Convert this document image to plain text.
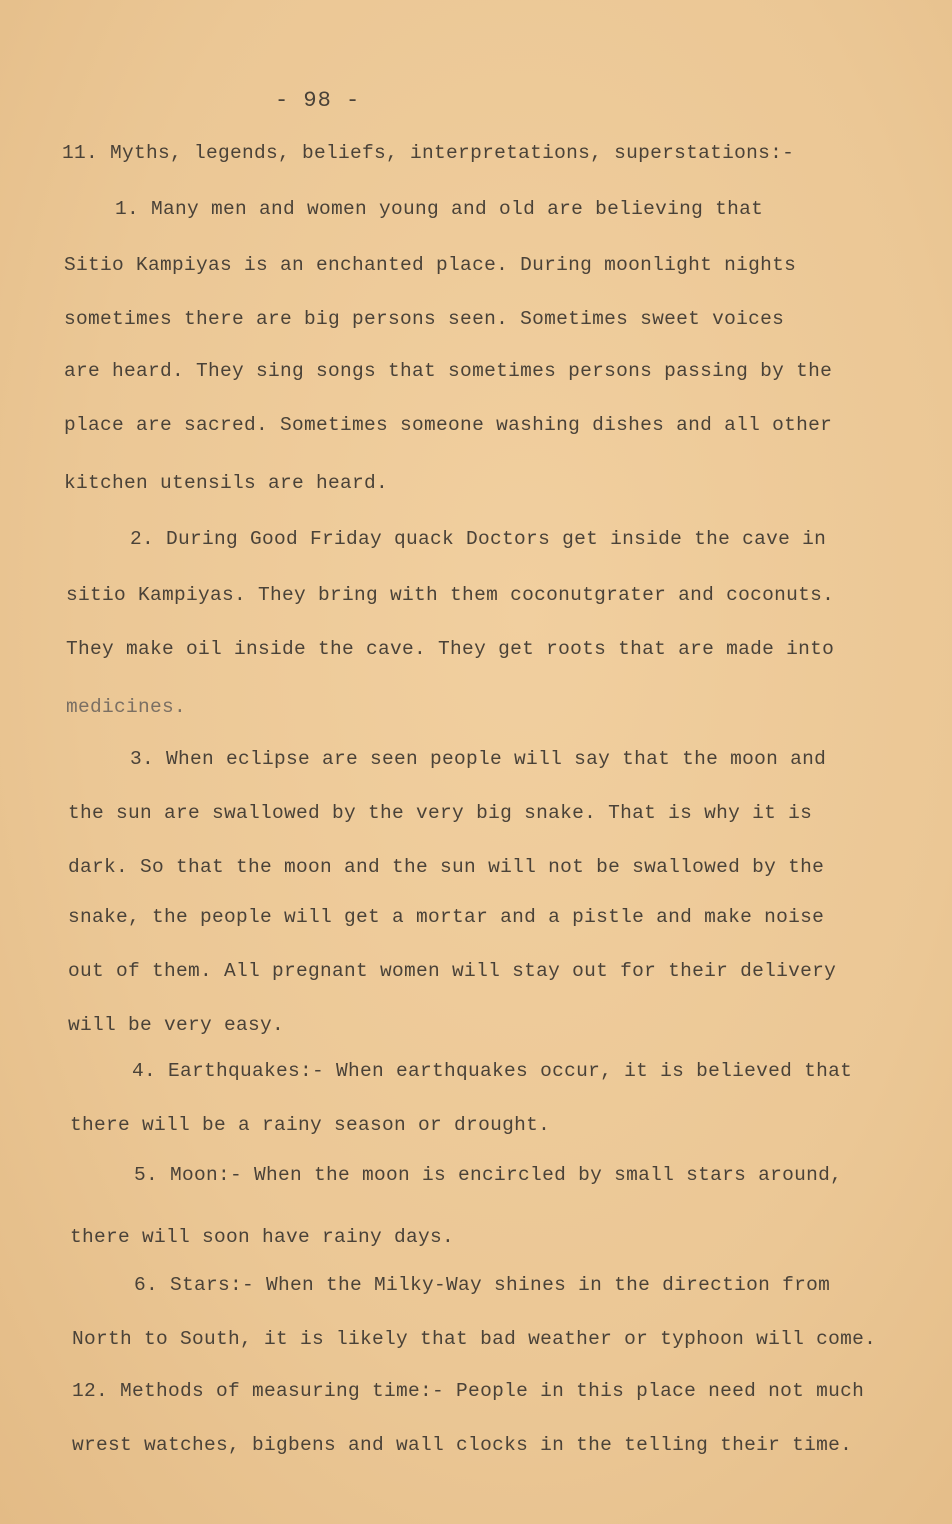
- 98 -
11. Myths, legends, beliefs, interpretations, superstations:-
1. Many men and women young and old are believing that
Sitio Kampiyas is an enchanted place. During moonlight nights
sometimes there are big persons seen. Sometimes sweet voices
are heard. They sing songs that sometimes persons passing by the
place are sacred. Sometimes someone washing dishes and all other
kitchen utensils are heard.
2. During Good Friday quack Doctors get inside the cave in
sitio Kampiyas. They bring with them coconutgrater and coconuts.
They make oil inside the cave. They get roots that are made into
medicines.
3. When eclipse are seen people will say that the moon and
the sun are swallowed by the very big snake. That is why it is
dark. So that the moon and the sun will not be swallowed by the
snake, the people will get a mortar and a pistle and make noise
out of them. All pregnant women will stay out for their delivery
will be very easy.
4. Earthquakes:- When earthquakes occur, it is believed that
there will be a rainy season or drought.
5. Moon:- When the moon is encircled by small stars around,
there will soon have rainy days.
6. Stars:- When the Milky-Way shines in the direction from
North to South, it is likely that bad weather or typhoon will come.
12. Methods of measuring time:- People in this place need not much
wrest watches, bigbens and wall clocks in the telling their time.
